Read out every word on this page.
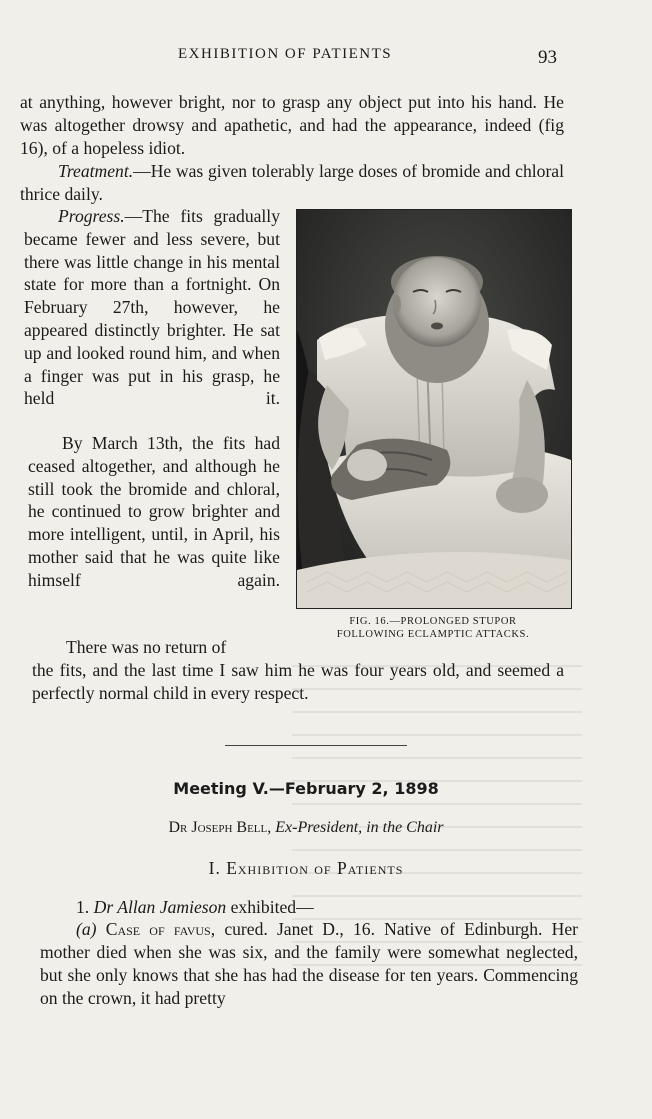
EXHIBITION OF PATIENTS	93

at anything, however bright, nor to grasp any object put into his hand. He was altogether drowsy and apathetic, and had the appearance, indeed (fig 16), of a hopeless idiot.

Treatment.—He was given tolerably large doses of bromide and chloral thrice daily.

Progress.—The fits gradually became fewer and less severe, but there was little change in his mental state for more than a fortnight. On February 27th, however, he appeared distinctly brighter. He sat up and looked round him, and when a finger was put in his grasp, he held it.

By March 13th, the fits had ceased altogether, and although he still took the bromide and chloral, he continued to grow brighter and more intelligent, until, in April, his mother said that he was quite like himself again.

FIG. 16.—PROLONGED STUPOR
FOLLOWING ECLAMPTIC ATTACKS.

There was no return of

the fits, and the last time I saw him he was four years old, and seemed a perfectly normal child in every respect.

Meeting V.—February 2, 1898
Dr Joseph Bell, Ex-President, in the Chair
I. Exhibition of Patients

1. Dr Allan Jamieson exhibited—

(a) Case of favus, cured. Janet D., 16. Native of Edinburgh. Her mother died when she was six, and the family were somewhat neglected, but she only knows that she has had the disease for ten years. Commencing on the crown, it had pretty
